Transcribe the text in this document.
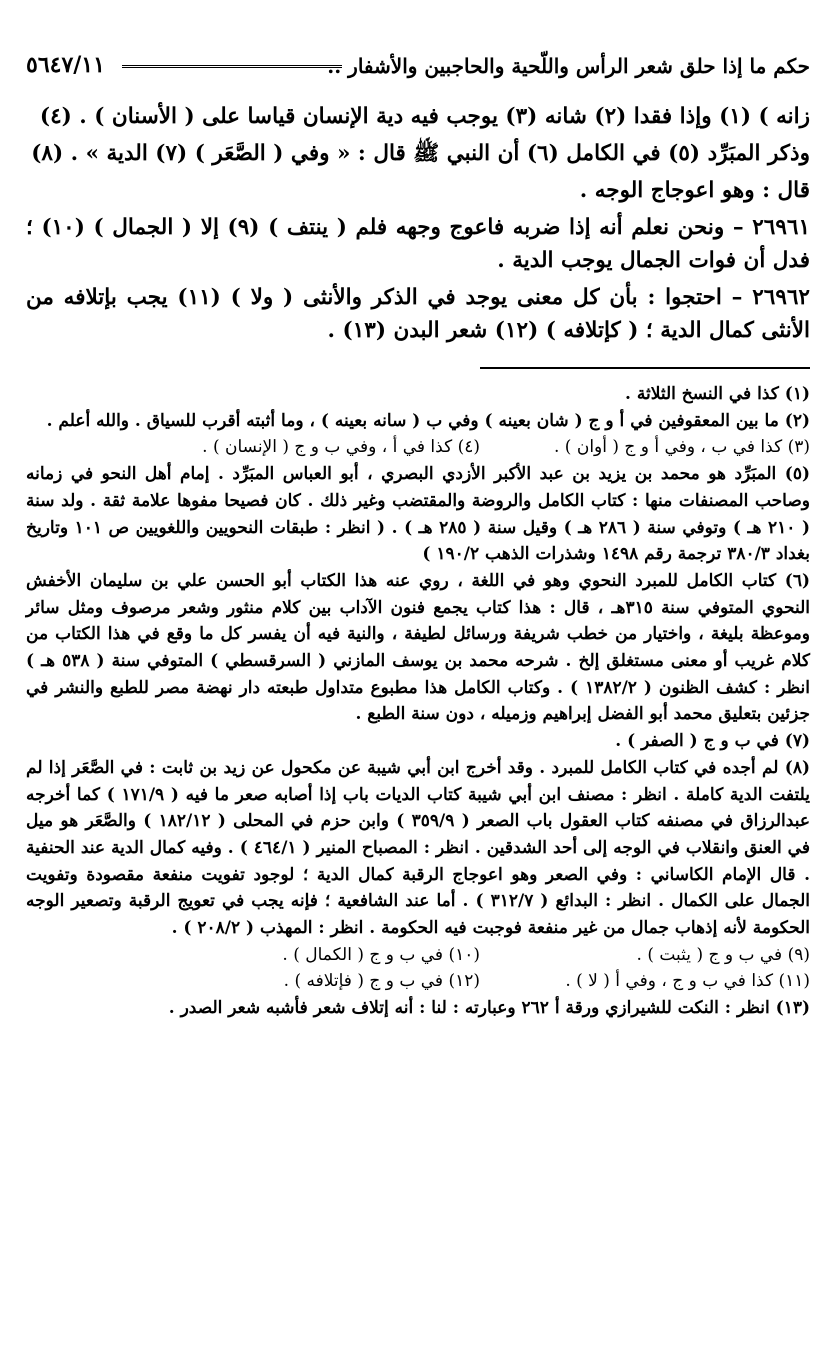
حكم ما إذا حلق شعر الرأس واللّحية والحاجبين والأشفار ..
٥٦٤٧/١١

زانه ) (١) وإذا فقدا (٢) شانه (٣) يوجب فيه دية الإنسان قياسا على ( الأسنان ) . (٤)

وذكر المبَرِّد (٥) في الكامل (٦) أن النبي ﷺ قال : « وفي ( الصَّعَر ) (٧) الدية » . (٨)

قال : وهو اعوجاج الوجه .

٢٦٩٦١ – ونحن نعلم أنه إذا ضربه فاعوج وجهه فلم ( ينتف ) (٩) إلا ( الجمال ) (١٠) ؛ فدل أن فوات الجمال يوجب الدية .

٢٦٩٦٢ – احتجوا : بأن كل معنى يوجد في الذكر والأنثى ( ولا ) (١١) يجب بإتلافه من الأنثى كمال الدية ؛ ( كإتلافه ) (١٢) شعر البدن (١٣) .

(١) كذا في النسخ الثلاثة .

(٢) ما بين المعقوفين في أ و ج ( شان بعينه ) وفي ب ( سانه بعينه ) ، وما أثبته أقرب للسياق . والله أعلم .

(٣) كذا في ب ، وفي أ و ج ( أوان ) .
(٤) كذا في أ ، وفي ب و ج ( الإنسان ) .

(٥) المبَرِّد هو محمد بن يزيد بن عبد الأكبر الأزدي البصري ، أبو العباس المبَرِّد . إمام أهل النحو في زمانه وصاحب المصنفات منها : كتاب الكامل والروضة والمقتضب وغير ذلك . كان فصيحا مفوها علامة ثقة . ولد سنة ( ٢١٠ هـ ) وتوفي سنة ( ٢٨٦ هـ ) وقيل سنة ( ٢٨٥ هـ ) . ( انظر : طبقات النحويين واللغويين ص ١٠١ وتاريخ بغداد ٣٨٠/٣ ترجمة رقم ١٤٩٨ وشذرات الذهب ١٩٠/٢ )

(٦) كتاب الكامل للمبرد النحوي وهو في اللغة ، روي عنه هذا الكتاب أبو الحسن علي بن سليمان الأخفش النحوي المتوفي سنة ٣١٥هـ ، قال : هذا كتاب يجمع فنون الآداب بين كلام منثور وشعر مرصوف ومثل سائر وموعظة بليغة ، واختيار من خطب شريفة ورسائل لطيفة ، والنية فيه أن يفسر كل ما وقع في هذا الكتاب من كلام غريب أو معنى مستغلق إلخ . شرحه محمد بن يوسف المازني ( السرقسطي ) المتوفي سنة ( ٥٣٨ هـ ) انظر : كشف الظنون ( ١٣٨٢/٢ ) . وكتاب الكامل هذا مطبوع متداول طبعته دار نهضة مصر للطبع والنشر في جزئين بتعليق محمد أبو الفضل إبراهيم وزميله ، دون سنة الطبع .

(٧) في ب و ج ( الصفر ) .

(٨) لم أجده في كتاب الكامل للمبرد . وقد أخرج ابن أبي شيبة عن مكحول عن زيد بن ثابت : في الصَّعَر إذا لم يلتفت الدية كاملة . انظر : مصنف ابن أبي شيبة كتاب الديات باب إذا أصابه صعر ما فيه ( ١٧١/٩ ) كما أخرجه عبدالرزاق في مصنفه كتاب العقول باب الصعر ( ٣٥٩/٩ ) وابن حزم في المحلى ( ١٨٢/١٢ ) والصَّعَر هو ميل في العنق وانقلاب في الوجه إلى أحد الشدقين . انظر : المصباح المنير ( ٤٦٤/١ ) . وفيه كمال الدية عند الحنفية . قال الإمام الكاساني : وفي الصعر وهو اعوجاج الرقبة كمال الدية ؛ لوجود تفويت منفعة مقصودة وتفويت الجمال على الكمال . انظر : البدائع ( ٣١٢/٧ ) . أما عند الشافعية ؛ فإنه يجب في تعويج الرقبة وتصعير الوجه الحكومة لأنه إذهاب جمال من غير منفعة فوجبت فيه الحكومة . انظر : المهذب ( ٢٠٨/٢ ) .

(٩) في ب و ج ( يثبت ) .
(١٠) في ب و ج ( الكمال ) .
(١١) كذا في ب و ج ، وفي أ ( لا ) .
(١٢) في ب و ج ( فإتلافه ) .

(١٣) انظر : النكت للشيرازي ورقة أ ٢٦٢ وعبارته : لنا : أنه إتلاف شعر فأشبه شعر الصدر .
